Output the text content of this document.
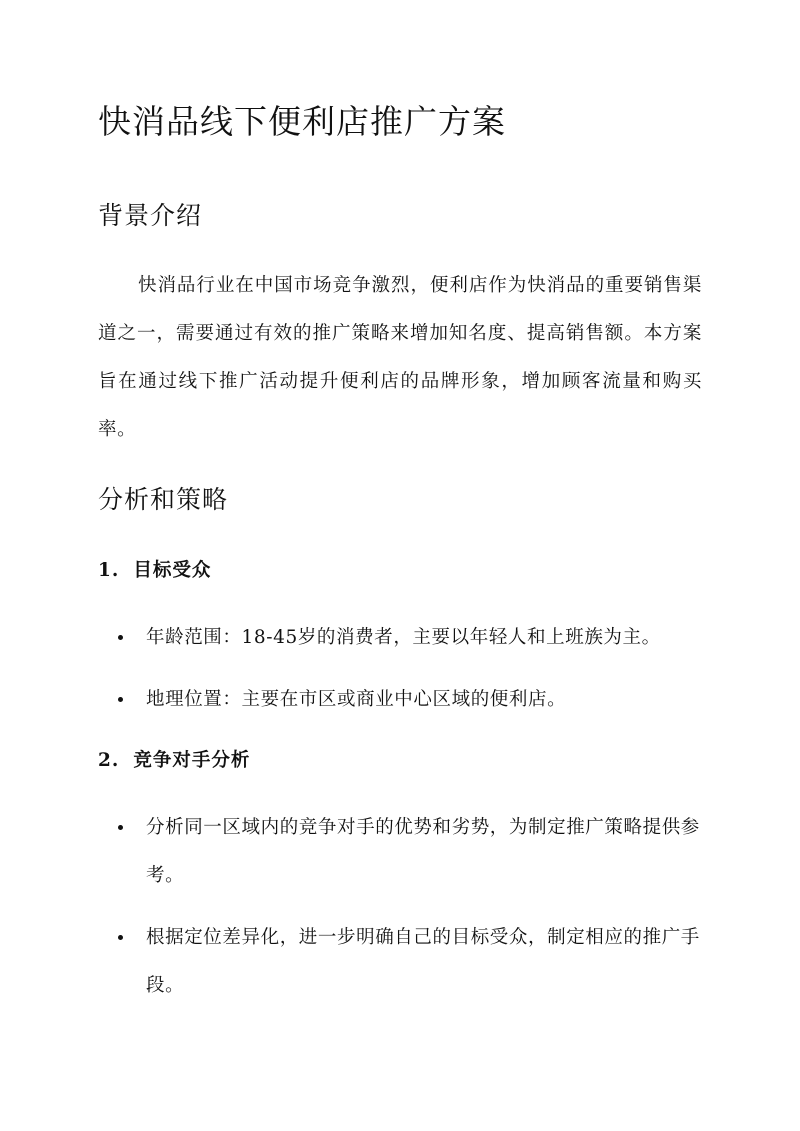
快消品线下便利店推广方案
背景介绍

快消品行业在中国市场竞争激烈，便利店作为快消品的重要销售渠道之一，需要通过有效的推广策略来增加知名度、提高销售额。本方案旨在通过线下推广活动提升便利店的品牌形象，增加顾客流量和购买率。

分析和策略
1. 目标受众
年龄范围：18-45岁的消费者，主要以年轻人和上班族为主。
地理位置：主要在市区或商业中心区域的便利店。
2. 竞争对手分析
分析同一区域内的竞争对手的优势和劣势，为制定推广策略提供参考。
根据定位差异化，进一步明确自己的目标受众，制定相应的推广手段。
